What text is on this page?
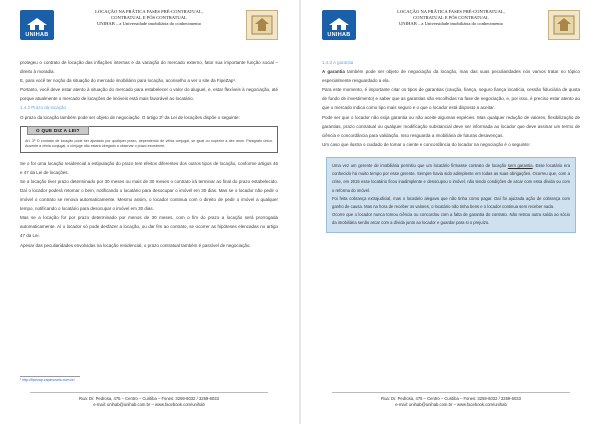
UNIHAB
LOCAÇÃO NA PRÁTICA FASES PRÉ-CONTRATUAL,
CONTRATUAL E PÓS CONTRATUAL
UNIHAB – a Universidade imobiliária do conhecimento

protegeu o contrato de locação das inflações internas e da variação do mercado externo, fator sua importante função social – direito à moradia.

E, para você ter noção da situação do mercado imobiliário para locação, aconselho a ver o site da FipeZap¹.

Portanto, você deve estar atento à situação do mercado para estabelecer o valor do aluguel, e, estar flexíveis à negociação, até porque atualmente o mercado de locações de imóveis está mais favorável ao locatário.

1.4.2 Prazo da locação

O prazo da locação também pode ser objeto de negociação. O artigo 3º da Lei de locações dispõe o seguinte:

O QUE DIZ A LEI?
Art. 3º O contrato de locação pode ser ajustado por qualquer prazo, dependendo de vênia conjugal, se igual ou superior a dez anos. Parágrafo único. Ausente a vênia conjugal, o cônjuge não estará obrigado a observar o prazo excedente.

Se o for uma locação residencial a estipulação do prazo tem efeitos diferentes dos outros tipos de locação, conforme artigos 46 e 47 da Lei de locações.

Se a locação tiver prazo determinado por 30 meses ou mais de 30 meses o contrato irá terminar ao final do prazo estabelecido. Daí o locador poderá retomar o bem, notificando o locatário para desocupar o imóvel em 30 dias. Mas se o locador não pedir o imóvel o contrato se renova automaticamente. Mesmo assim, o locador continua com o direito de pedir o imóvel a qualquer tempo, notificando o locatário para desocupar o imóvel em 30 dias.

Mas se a locação for por prazo determinado por menos de 30 meses, com o fim do prazo a locação será prorrogada automaticamente. Aí o locador só pode desfazer a locação, ou dar fim ao contrato, se ocorrer as hipóteses elencadas no artigo 47 da Lei.

Apesar das peculiaridades envolvidas na locação residencial, o prazo contratual também é passível de negociação.

¹ http://fipezap.zapimoveis.com.br/
Rua: Dr. Pedrosa, 475 – Centro – Curitiba – Fones: 3259-6032 / 3259-6033
e-mail: unihab@unihab.com.br – www.facebook.com/unihab
UNIHAB
LOCAÇÃO NA PRÁTICA FASES PRÉ-CONTRATUAL,
CONTRATUAL E PÓS CONTRATUAL
UNIHAB – a Universidade imobiliária do conhecimento

1.4.3 A garantia

A garantia também pode ser objeto de negociação da locação, mas das suas peculiaridades nós vamos tratar no tópico especialmente resguardado a ela.

Para este momento, é importante citar os tipos de garantias (caução, fiança, seguro fiança locatícia, cessão fiduciária de quota de fundo de investimento) e saber que as garantias são escolhidas na fase de negociação, e, por isso, é preciso estar atento ao que o mercado indica como tipo mais seguro e o que o locador está disposto a aceitar.

Pode ser que o locador não exija garantia ou não aceite algumas espécies. Mas qualquer redução de valores, flexibilização de garantias, prazo contratual ou qualquer modificação substancial deve ser informada ao locador que deve assinar um termo de ciência e concordância para validação. Isso resguarda a imobiliária de futuras desavenças.

Um caso que ilustra o cuidado de tomar o ciente e concordância do locador na negociação é o seguinte:

Uma vez um gerente de imobiliária permitiu que um locatário firmasse contrato de locação sem garantia. Esse locatário era conhecido há muito tempo por esse gerente. Sempre havia sido adimplente em todas as suas obrigações. Ocorreu que, com a crise, em 2015 esse locatário ficou inadimplente e desocupou o imóvel, não tendo condições de arcar com essa dívida ou com o reforma do imóvel.

Foi feita cobrança extrajudicial, mas o locatário alegava que não tinha como pagar. Daí foi ajuizada ação de cobrança com ganho de causa. Mas na hora de receber os valores, o locatário não tinha bens e o locador continua sem receber nada.

Ocorre que o locador nunca tomou ciência ou concordou com a falta de garantia do contrato. Não restou outra saída ao sócio da imobiliária senão arcar com a dívida junto ao locador e guardar para si o prejuízo.

Rua: Dr. Pedrosa, 475 – Centro – Curitiba – Fones: 3259-6032 / 3259-6033
e-mail: unihab@unihab.com.br – www.facebook.com/unihab
